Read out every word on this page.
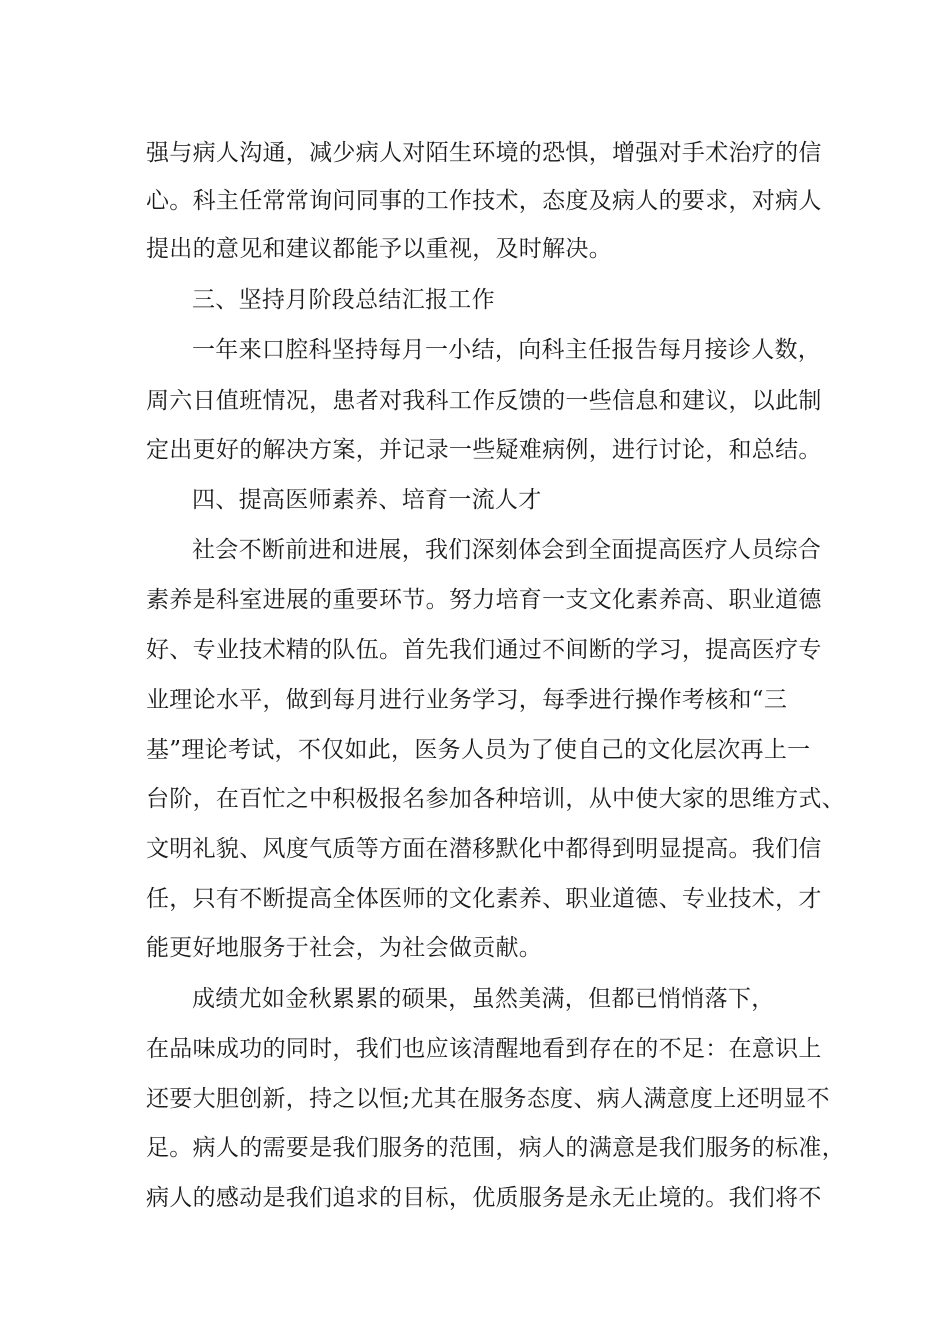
强与病人沟通，减少病人对陌生环境的恐惧，增强对手术治疗的信
心。科主任常常询问同事的工作技术，态度及病人的要求，对病人
提出的意见和建议都能予以重视，及时解决。
三、坚持月阶段总结汇报工作
一年来口腔科坚持每月一小结，向科主任报告每月接诊人数，
周六日值班情况，患者对我科工作反馈的一些信息和建议，以此制
定出更好的解决方案，并记录一些疑难病例，进行讨论，和总结。
四、提高医师素养、培育一流人才
社会不断前进和进展，我们深刻体会到全面提高医疗人员综合
素养是科室进展的重要环节。努力培育一支文化素养高、职业道德
好、专业技术精的队伍。首先我们通过不间断的学习，提高医疗专
业理论水平，做到每月进行业务学习，每季进行操作考核和“三
基”理论考试，不仅如此，医务人员为了使自己的文化层次再上一
台阶，在百忙之中积极报名参加各种培训，从中使大家的思维方式、
文明礼貌、风度气质等方面在潜移默化中都得到明显提高。我们信
任，只有不断提高全体医师的文化素养、职业道德、专业技术，才
能更好地服务于社会，为社会做贡献。
成绩尤如金秋累累的硕果，虽然美满，但都已悄悄落下，
在品味成功的同时，我们也应该清醒地看到存在的不足：在意识上
还要大胆创新，持之以恒;尤其在服务态度、病人满意度上还明显不
足。病人的需要是我们服务的范围，病人的满意是我们服务的标准，
病人的感动是我们追求的目标，优质服务是永无止境的。我们将不
